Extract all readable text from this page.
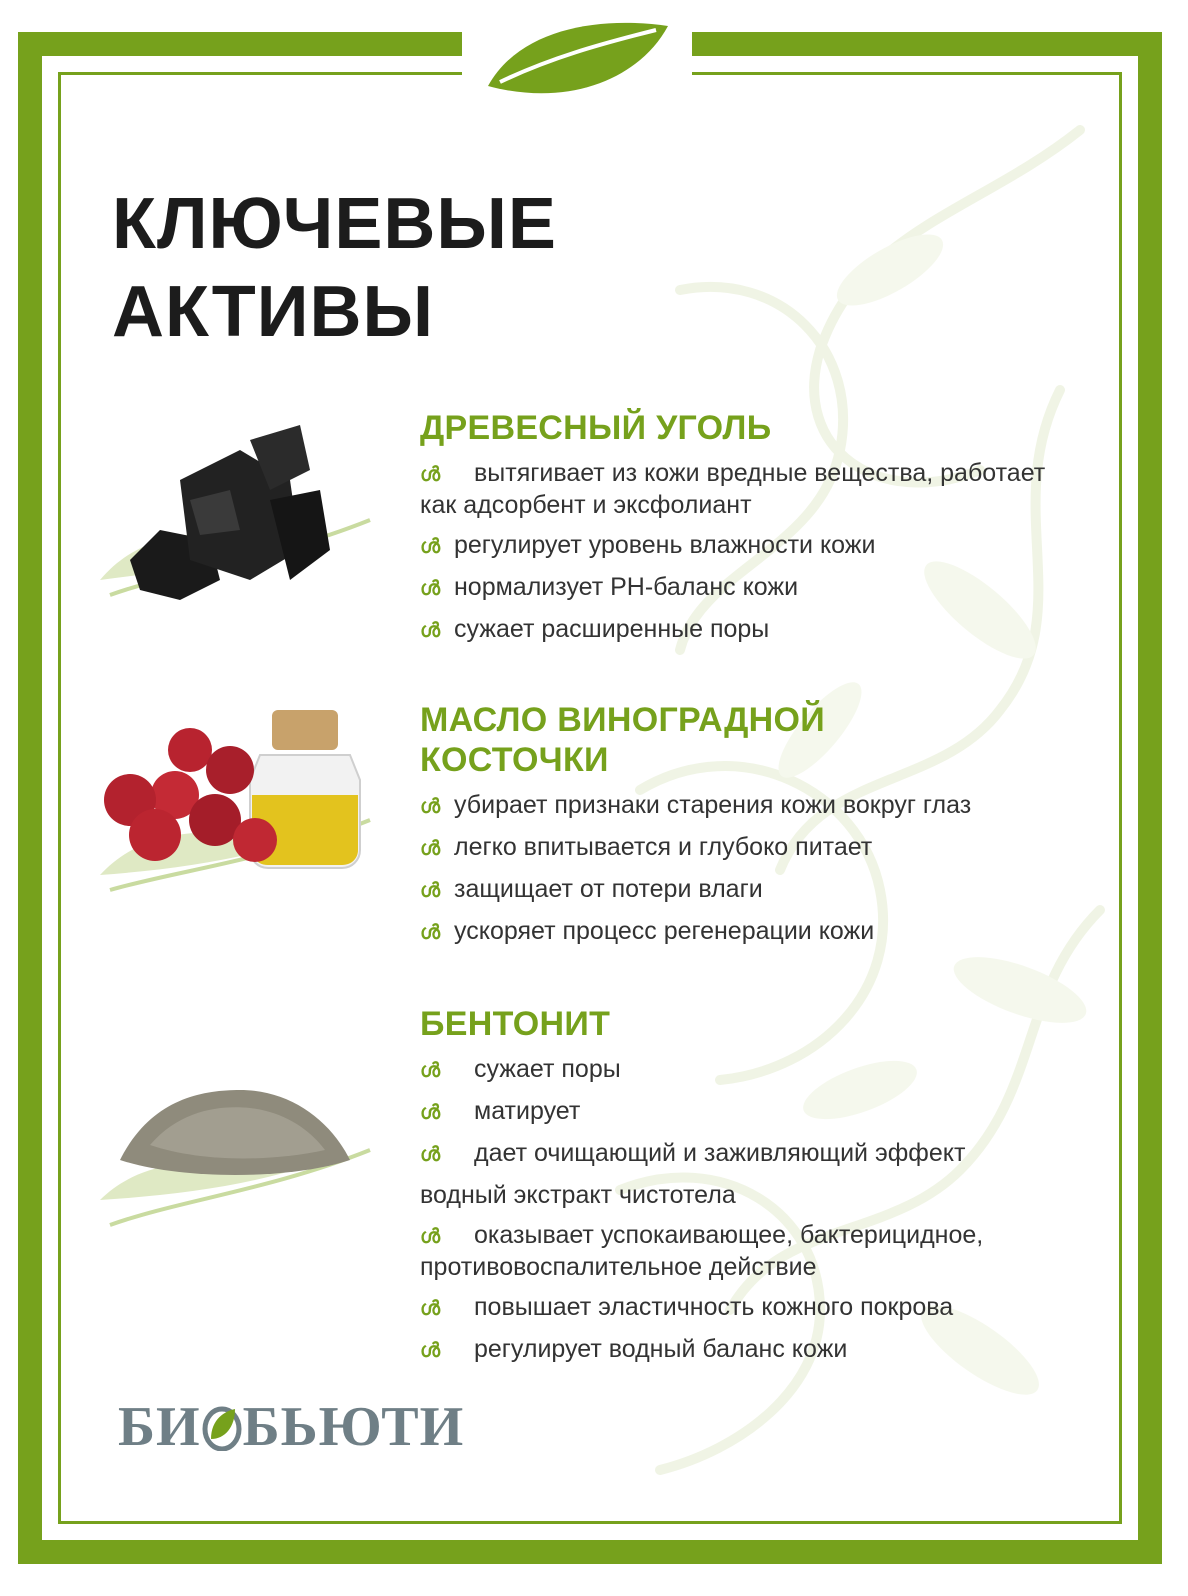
КЛЮЧЕВЫЕ
АКТИВЫ
ДРЕВЕСНЫЙ УГОЛЬ
ൾ вытягивает из кожи вредные вещества, работает как адсорбент и эксфолиант
ൾ регулирует уровень влажности кожи
ൾ нормализует PH-баланс кожи
ൾ сужает расширенные поры
МАСЛО ВИНОГРАДНОЙ
КОСТОЧКИ
ൾ убирает признаки старения кожи вокруг глаз
ൾ легко впитывается и глубоко питает
ൾ защищает от потери влаги
ൾ ускоряет процесс регенерации кожи
БЕНТОНИТ
ൾ сужает поры
ൾ матирует
ൾ дает очищающий и заживляющий эффект
водный экстракт чистотела
ൾ оказывает успокаивающее, бактерицидное, противовоспалительное действие
ൾ повышает эластичность кожного покрова
ൾ регулирует водный баланс кожи
БИ БЬЮТИ
